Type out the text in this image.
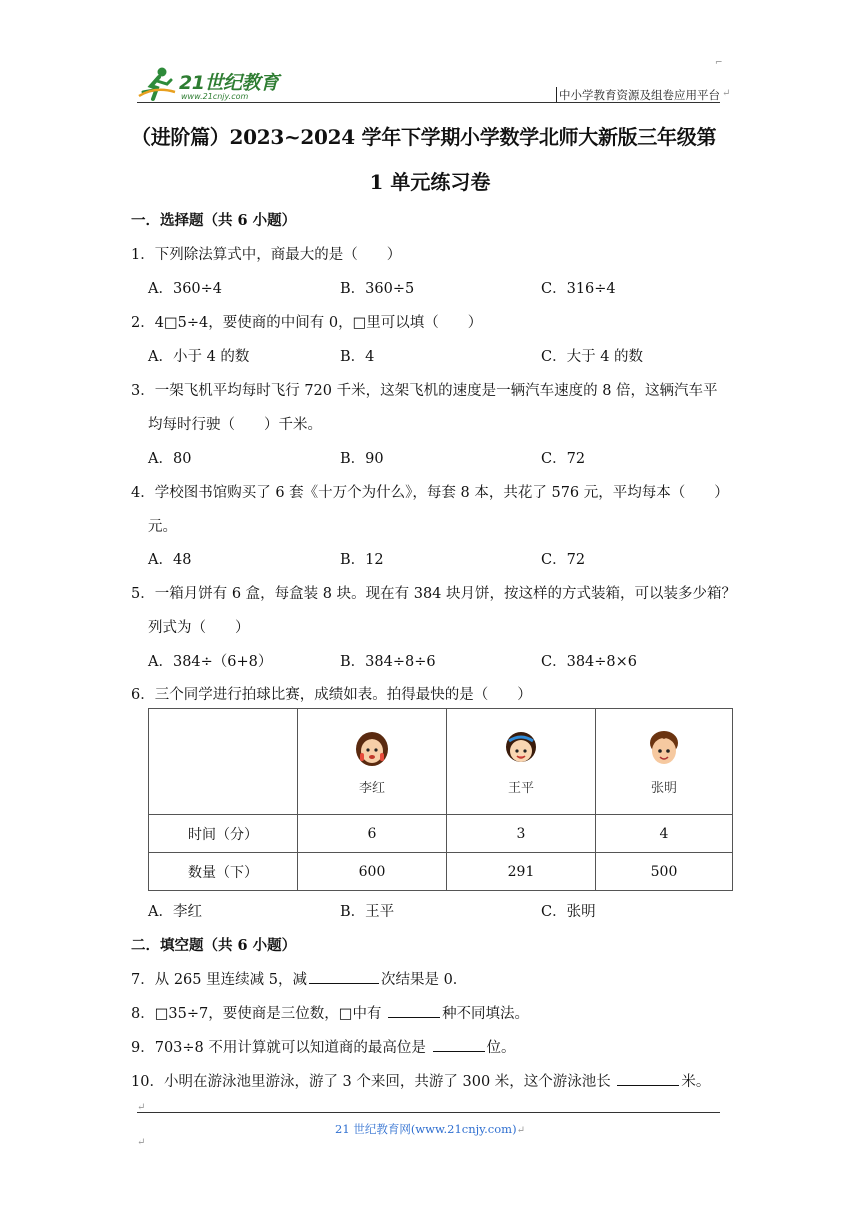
21世纪教育
www.21cnjy.com
⌐
中小学教育资源及组卷应用平台 ↵
（进阶篇）2023~2024 学年下学期小学数学北师大新版三年级第
1 单元练习卷
一．选择题（共 6 小题）
1．下列除法算式中，商最大的是（　　）
A．360÷4	B．360÷5	C．316÷4
2．4□5÷4，要使商的中间有 0，□里可以填（　　）
A．小于 4 的数	B．4	C．大于 4 的数
3．一架飞机平均每时飞行 720 千米，这架飞机的速度是一辆汽车速度的 8 倍，这辆汽车平
均每时行驶（　　）千米。
A．80	B．90	C．72
4．学校图书馆购买了 6 套《十万个为什么》，每套 8 本，共花了 576 元，平均每本（　　）
元。
A．48	B．12	C．72
5．一箱月饼有 6 盒，每盒装 8 块。现在有 384 块月饼，按这样的方式装箱，可以装多少箱？
列式为（　　）
A．384÷（6+8）	B．384÷8÷6	C．384÷8×6
6．三个同学进行拍球比赛，成绩如表。拍得最快的是（　　）

	李红	王平	张明

时间（分）	6	3	4
数量（下）	600	291	500
A．李红	B．王平	C．张明
二．填空题（共 6 小题）
7．从 265 里连续减 5，减	次结果是 0．
8．□35÷7，要使商是三位数，□中有	种不同填法。
9．703÷8 不用计算就可以知道商的最高位是	位。
10．小明在游泳池里游泳，游了 3 个来回，共游了 300 米，这个游泳池长	米。
↵
21 世纪教育网(www.21cnjy.com)↵
↵
